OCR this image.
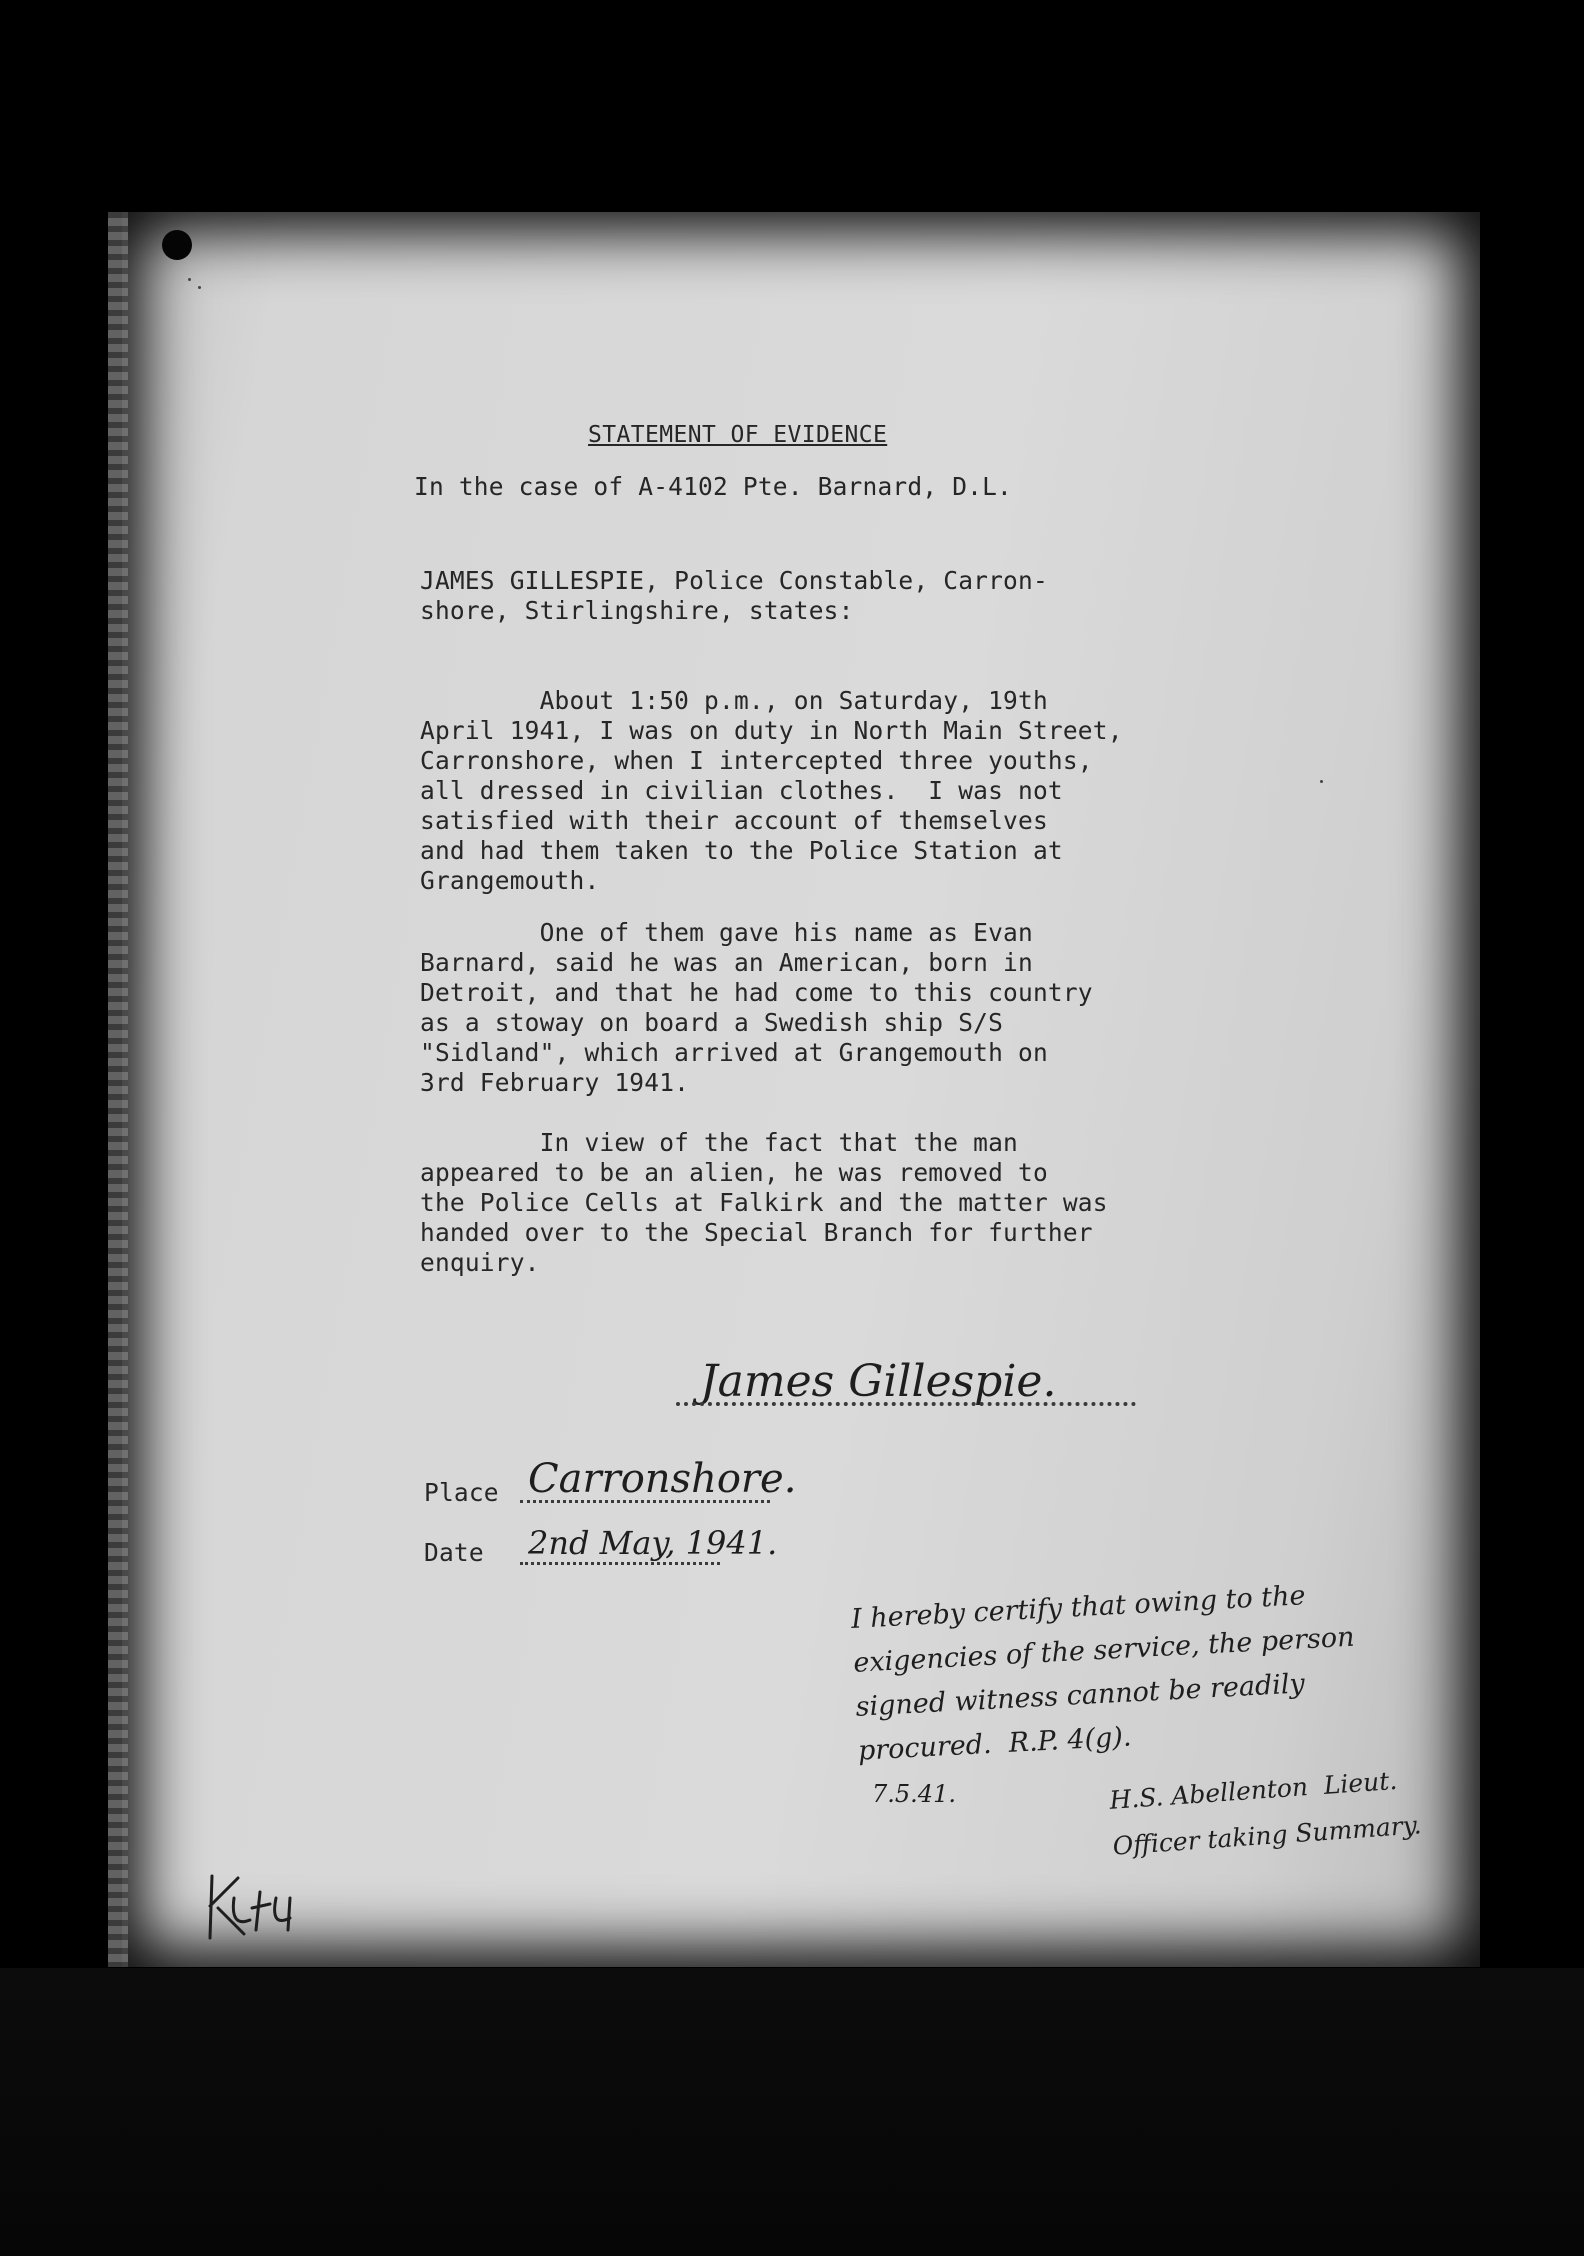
STATEMENT OF EVIDENCE
In the case of A-4102 Pte. Barnard, D.L.
JAMES GILLESPIE, Police Constable, Carron-
shore, Stirlingshire, states:
About 1:50 p.m., on Saturday, 19th
April 1941, I was on duty in North Main Street,
Carronshore, when I intercepted three youths,
all dressed in civilian clothes.  I was not
satisfied with their account of themselves
and had them taken to the Police Station at
Grangemouth.
One of them gave his name as Evan
Barnard, said he was an American, born in
Detroit, and that he had come to this country
as a stoway on board a Swedish ship S/S
"Sidland", which arrived at Grangemouth on
3rd February 1941.
In view of the fact that the man
appeared to be an alien, he was removed to
the Police Cells at Falkirk and the matter was
handed over to the Special Branch for further
enquiry.
James Gillespie.
Place Carronshore.
Date 2nd May, 1941.
I hereby certify that owing to the
exigencies of the service, the person
signed witness cannot be readily
procured.  R.P. 4(g).
7.5.41.	H.S. Abellenton  Lieut.
Officer taking Summary.
